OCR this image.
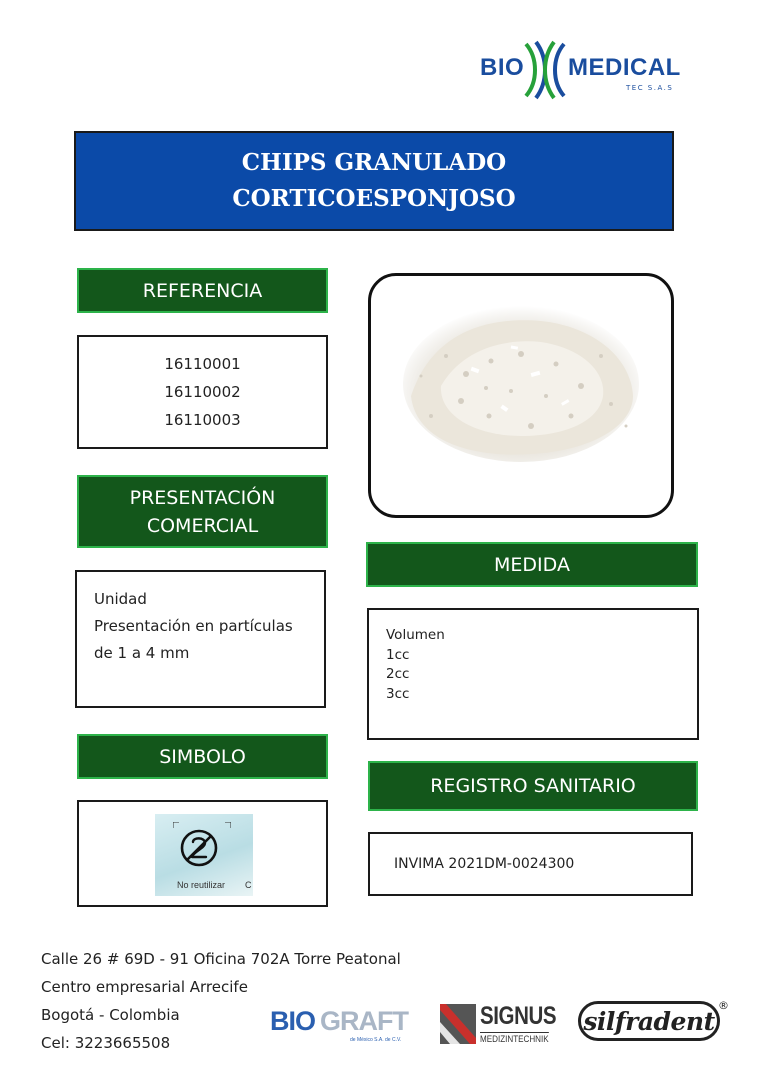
BIO MEDICAL
TEC S.A.S
CHIPS GRANULADO
CORTICOESPONJOSO
REFERENCIA
16110001
16110002
16110003
PRESENTACIÓN
COMERCIAL
Unidad
Presentación en partículas
de 1 a 4 mm
MEDIDA
Volumen
1cc
2cc
3cc
SIMBOLO
No reutilizar C
REGISTRO SANITARIO
INVIMA 2021DM-0024300
Calle 26 # 69D - 91 Oficina 702A Torre Peatonal
Centro empresarial Arrecife
Bogotá - Colombia
Cel: 3223665508
BIO GRAFT
de México S.A. de C.V.
SIGNUS
MEDIZINTECHNIK
silfradent
®
